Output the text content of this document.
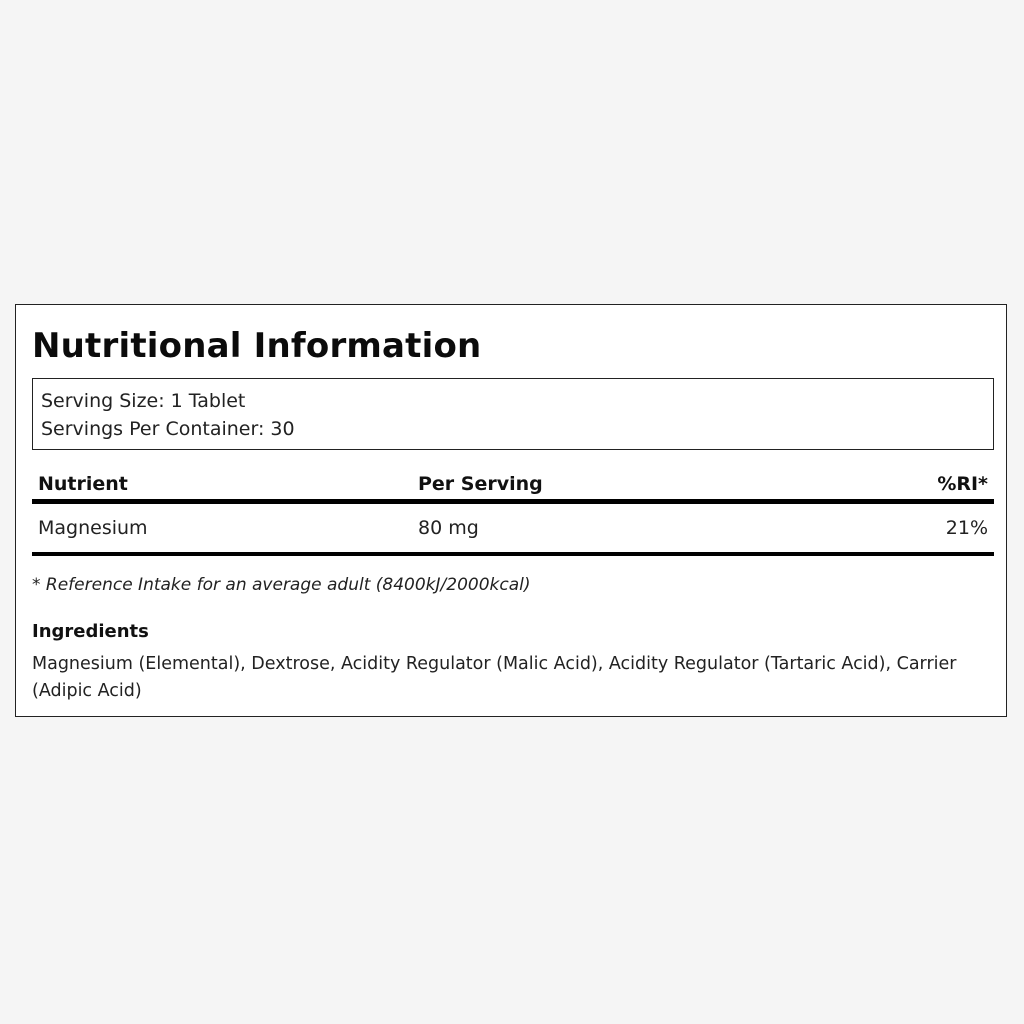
Nutritional Information
Serving Size: 1 Tablet
Servings Per Container: 30
Nutrient	Per Serving	%RI*
Magnesium	80 mg	21%

* Reference Intake for an average adult (8400kJ/2000kcal)

Ingredients

Magnesium (Elemental), Dextrose, Acidity Regulator (Malic Acid), Acidity Regulator (Tartaric Acid), Carrier (Adipic Acid)
